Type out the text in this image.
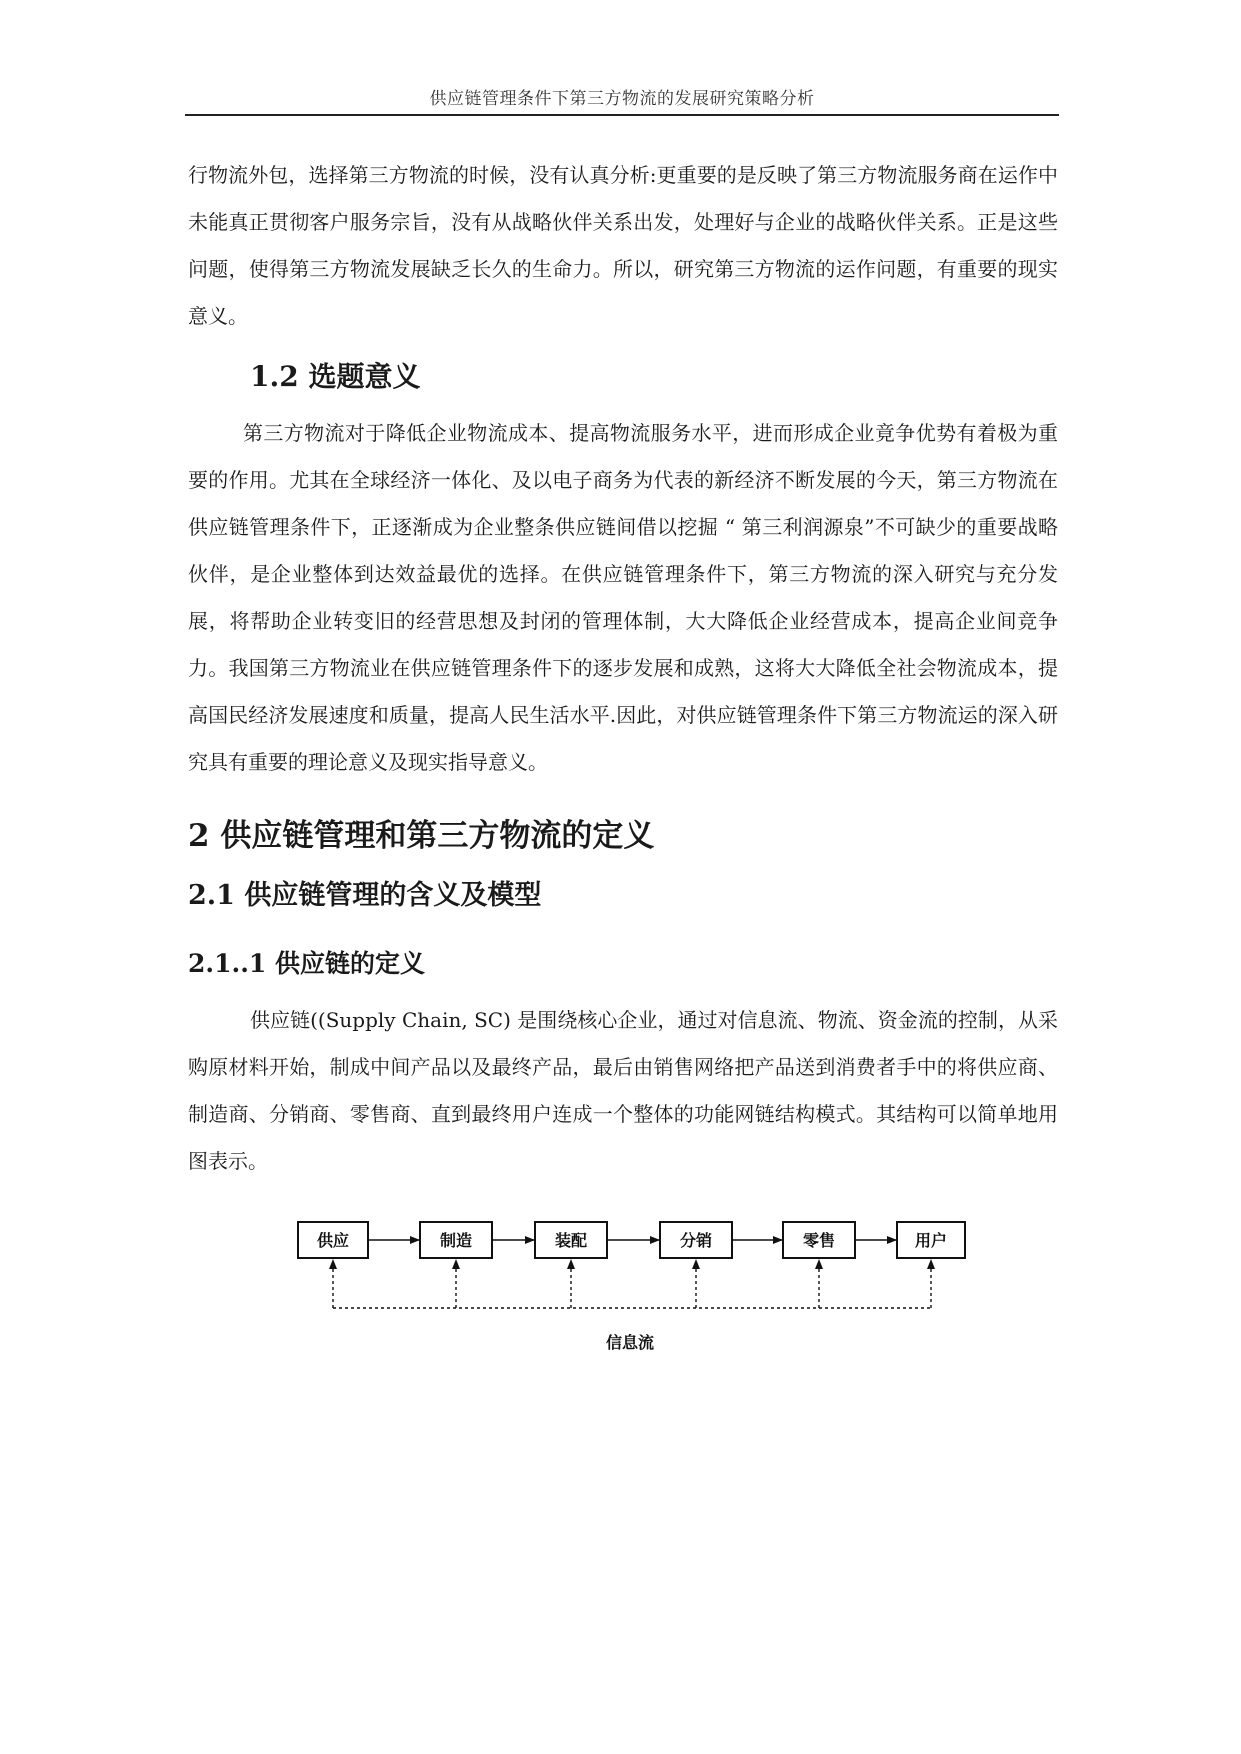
供应链管理条件下第三方物流的发展研究策略分析

行物流外包，选择第三方物流的时候，没有认真分析:更重要的是反映了第三方物流服务商在运作中未能真正贯彻客户服务宗旨，没有从战略伙伴关系出发，处理好与企业的战略伙伴关系。正是这些问题，使得第三方物流发展缺乏长久的生命力。所以，研究第三方物流的运作问题，有重要的现实意义。

1.2 选题意义

第三方物流对于降低企业物流成本、提高物流服务水平，进而形成企业竟争优势有着极为重要的作用。尤其在全球经济一体化、及以电子商务为代表的新经济不断发展的今天，第三方物流在供应链管理条件下，正逐渐成为企业整条供应链间借以挖掘 “ 第三利润源泉”不可缺少的重要战略伙伴，是企业整体到达效益最优的选择。在供应链管理条件下，第三方物流的深入研究与充分发展，将帮助企业转变旧的经营思想及封闭的管理体制，大大降低企业经营成本，提高企业间竞争力。我国第三方物流业在供应链管理条件下的逐步发展和成熟，这将大大降低全社会物流成本，提高国民经济发展速度和质量，提高人民生活水平.因此，对供应链管理条件下第三方物流运的深入研究具有重要的理论意义及现实指导意义。

2 供应链管理和第三方物流的定义
2.1 供应链管理的含义及模型
2.1..1 供应链的定义

供应链((Supply Chain, SC) 是围绕核心企业，通过对信息流、物流、资金流的控制，从采购原材料开始，制成中间产品以及最终产品，最后由销售网络把产品送到消费者手中的将供应商、制造商、分销商、零售商、直到最终用户连成一个整体的功能网链结构模式。其结构可以简单地用图表示。

供应	制造	装配	分销	零售	用户
信息流
